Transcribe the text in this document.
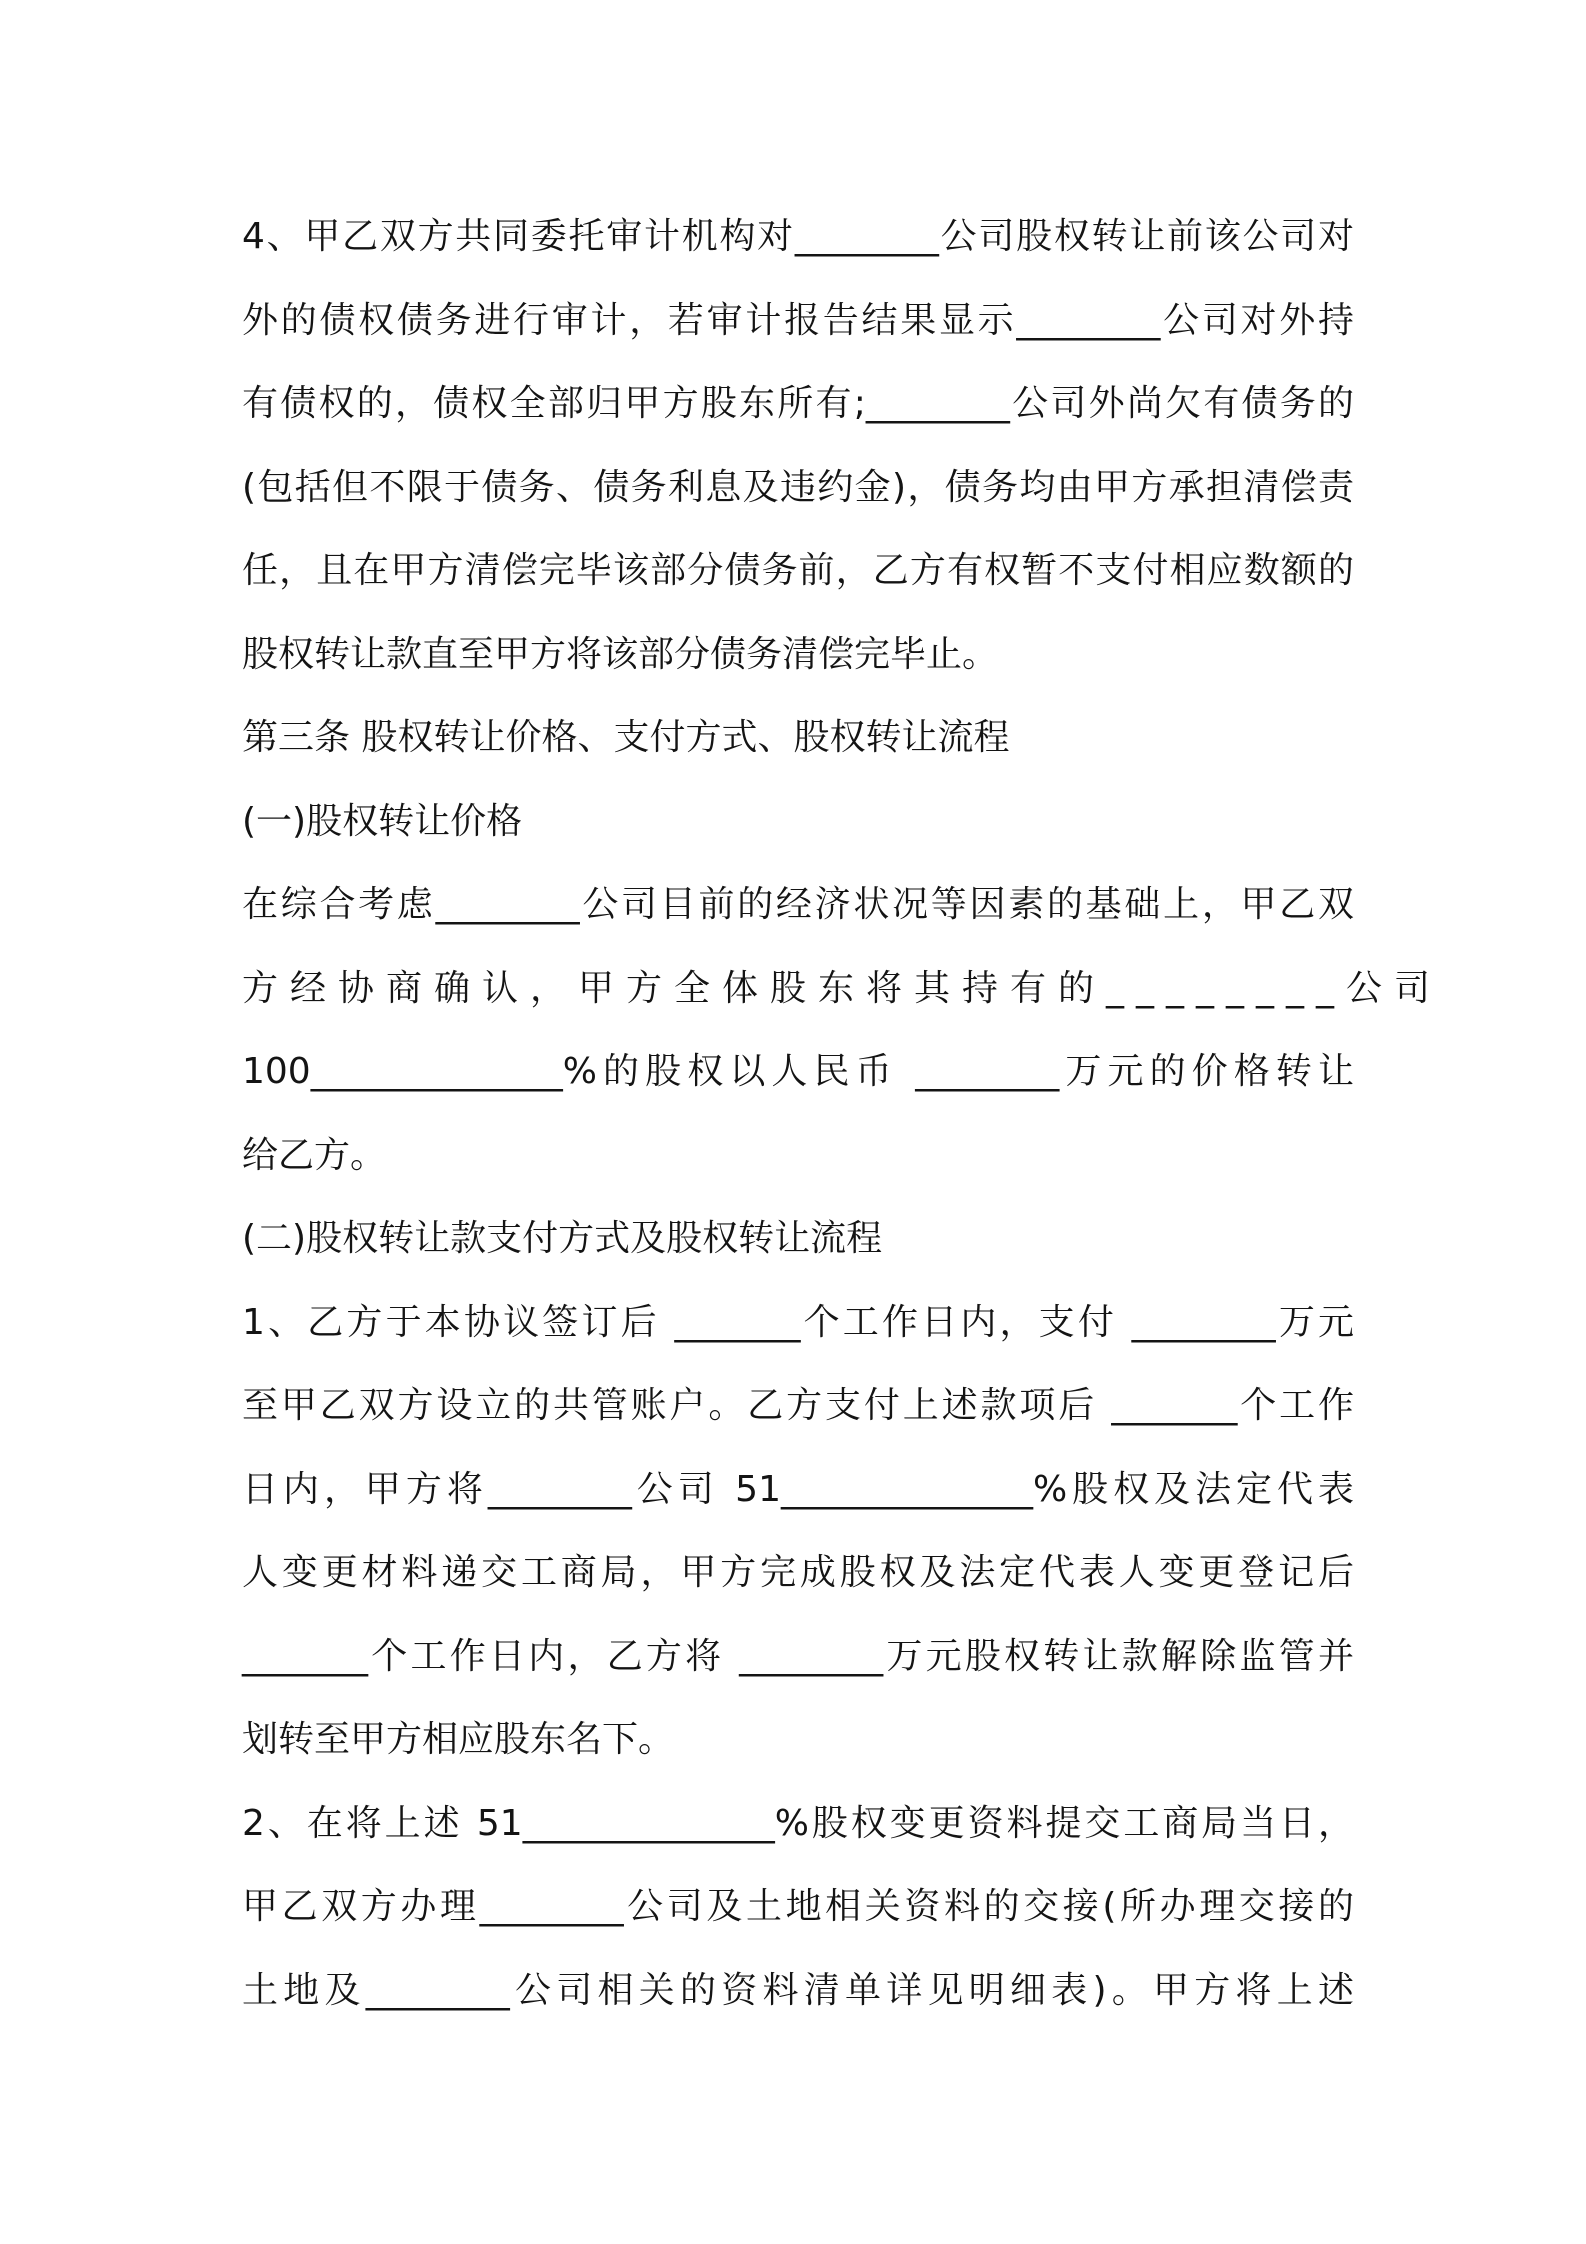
4、甲乙双方共同委托审计机构对________公司股权转让前该公司对
外的债权债务进行审计，若审计报告结果显示________公司对外持
有债权的，债权全部归甲方股东所有;________公司外尚欠有债务的
(包括但不限于债务、债务利息及违约金)，债务均由甲方承担清偿责
任，且在甲方清偿完毕该部分债务前，乙方有权暂不支付相应数额的
股权转让款直至甲方将该部分债务清偿完毕止。
第三条 股权转让价格、支付方式、股权转让流程
(一)股权转让价格
在综合考虑________公司目前的经济状况等因素的基础上，甲乙双
方经协商确认，甲方全体股东将其持有的________公司
100______________%的股权以人民币 ________万元的价格转让
给乙方。
(二)股权转让款支付方式及股权转让流程
1、乙方于本协议签订后 _______个工作日内，支付 ________万元
至甲乙双方设立的共管账户。乙方支付上述款项后 _______个工作
日内，甲方将________公司 51______________%股权及法定代表
人变更材料递交工商局，甲方完成股权及法定代表人变更登记后
_______个工作日内，乙方将 ________万元股权转让款解除监管并
划转至甲方相应股东名下。
2、在将上述 51______________%股权变更资料提交工商局当日，
甲乙双方办理________公司及土地相关资料的交接(所办理交接的
土地及________公司相关的资料清单详见明细表)。甲方将上述
